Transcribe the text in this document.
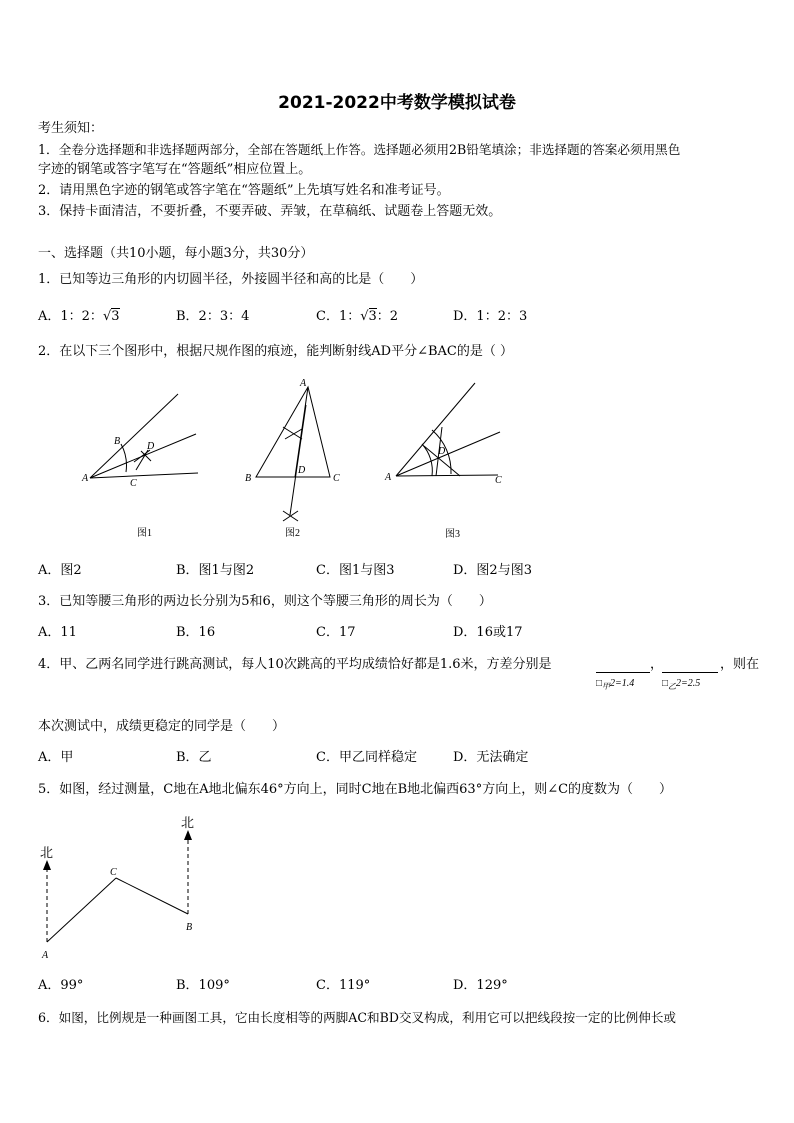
2021-2022中考数学模拟试卷
考生须知：
1．全卷分选择题和非选择题两部分，全部在答题纸上作答。选择题必须用2B铅笔填涂；非选择题的答案必须用黑色
字迹的钢笔或答字笔写在“答题纸”相应位置上。
2．请用黑色字迹的钢笔或答字笔在“答题纸”上先填写姓名和准考证号。
3．保持卡面清洁，不要折叠，不要弄破、弄皱，在草稿纸、试题卷上答题无效。
一、选择题（共10小题，每小题3分，共30分）
1．已知等边三角形的内切圆半径，外接圆半径和高的比是（　　）
A．1：2：√3	B．2：3：4	C．1：√3：2	D．1：2：3
2．在以下三个图形中，根据尺规作图的痕迹，能判断射线AD平分∠BAC的是（ ）
A
B
C
D
图1
A
B	C
D
图2
A
D
C
图3
A．图2	B．图1与图2	C．图1与图3	D．图2与图3
3．已知等腰三角形的两边长分别为5和6，则这个等腰三角形的周长为（　　）
A．11	B．16	C．17	D．16或17
4．甲、乙两名同学进行跳高测试，每人10次跳高的平均成绩恰好都是1.6米，方差分别是	，	，则在
$□_甲2=1.4$	$□_乙2=2.5$
本次测试中，成绩更稳定的同学是（　　）
A．甲	B．乙	C．甲乙同样稳定	D．无法确定
5．如图，经过测量，C地在A地北偏东46°方向上，同时C地在B地北偏西63°方向上，则∠C的度数为（　　）
北
北
A
B
C
A．99°	B．109°	C．119°	D．129°
6．如图，比例规是一种画图工具，它由长度相等的两脚AC和BD交叉构成，利用它可以把线段按一定的比例伸长或
